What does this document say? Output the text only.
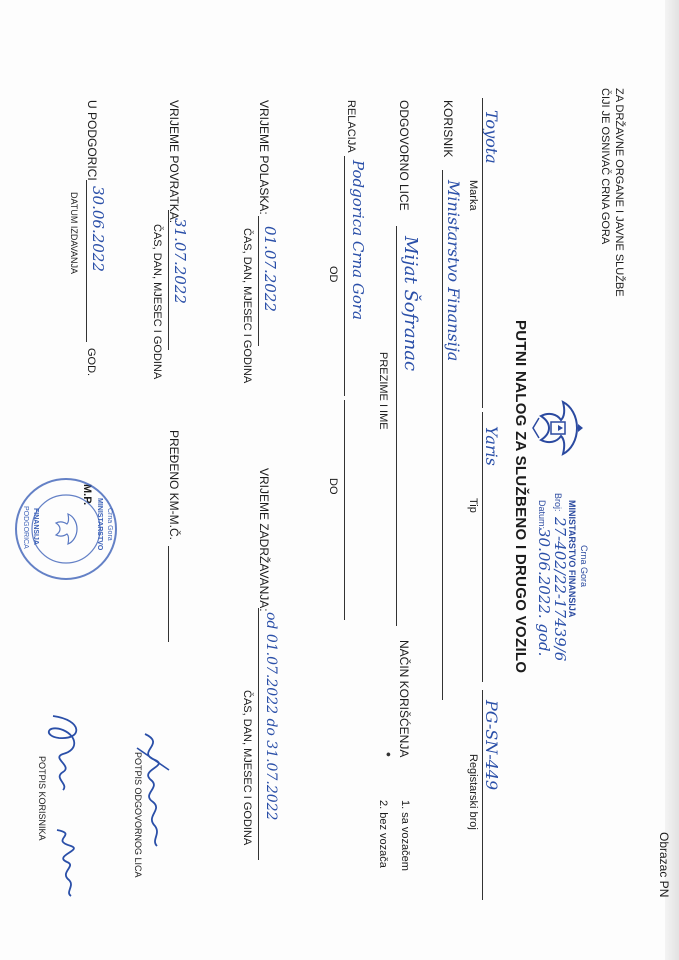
Obrazac PN
Crna Gora
MINISTARSTVO FINANSIJA
Broj:
27-402/22-17439/6
Datum:
30.06.2022. god.
ZA DRŽAVNE ORGANE I JAVNE SLUŽBE
ČIJI JE OSNIVAČ CRNA GORA
PUTNI NALOG ZA SLUŽBENO I DRUGO VOZILO
Toyota
Marka
Yaris
Tip
PG-SN-449
Registarski broj
KORISNIK
Ministarstvo Finansija
NAČIN KORIŠĆENJA
1. sa vozačem
2. bez vozača
•
ODGOVORNO LICE
Mijat Šofranac
PREZIME I IME
RELACIJA
Podgorica Crna Gora
OD
DO
VRIJEME POLASKA:
01.07.2022
ČAS, DAN, MJESEC I GODINA
VRIJEME ZADRŽAVANJA:
od 01.07.2022 do 31.07.2022
ČAS, DAN, MJESEC I GODINA
VRIJEME POVRATKA:
31.07.2022
ČAS, DAN, MJESEC I GODINA
PREĐENO KM-M.Č.
U PODGORICI
30.06.2022
GOD.
DATUM IZDAVANJA
M.P.
Crna Gora
MINISTARSTVO
FINANSIJA
PODGORICA
POTPIS ODGOVORNOG LICA
POTPIS KORISNIKA
